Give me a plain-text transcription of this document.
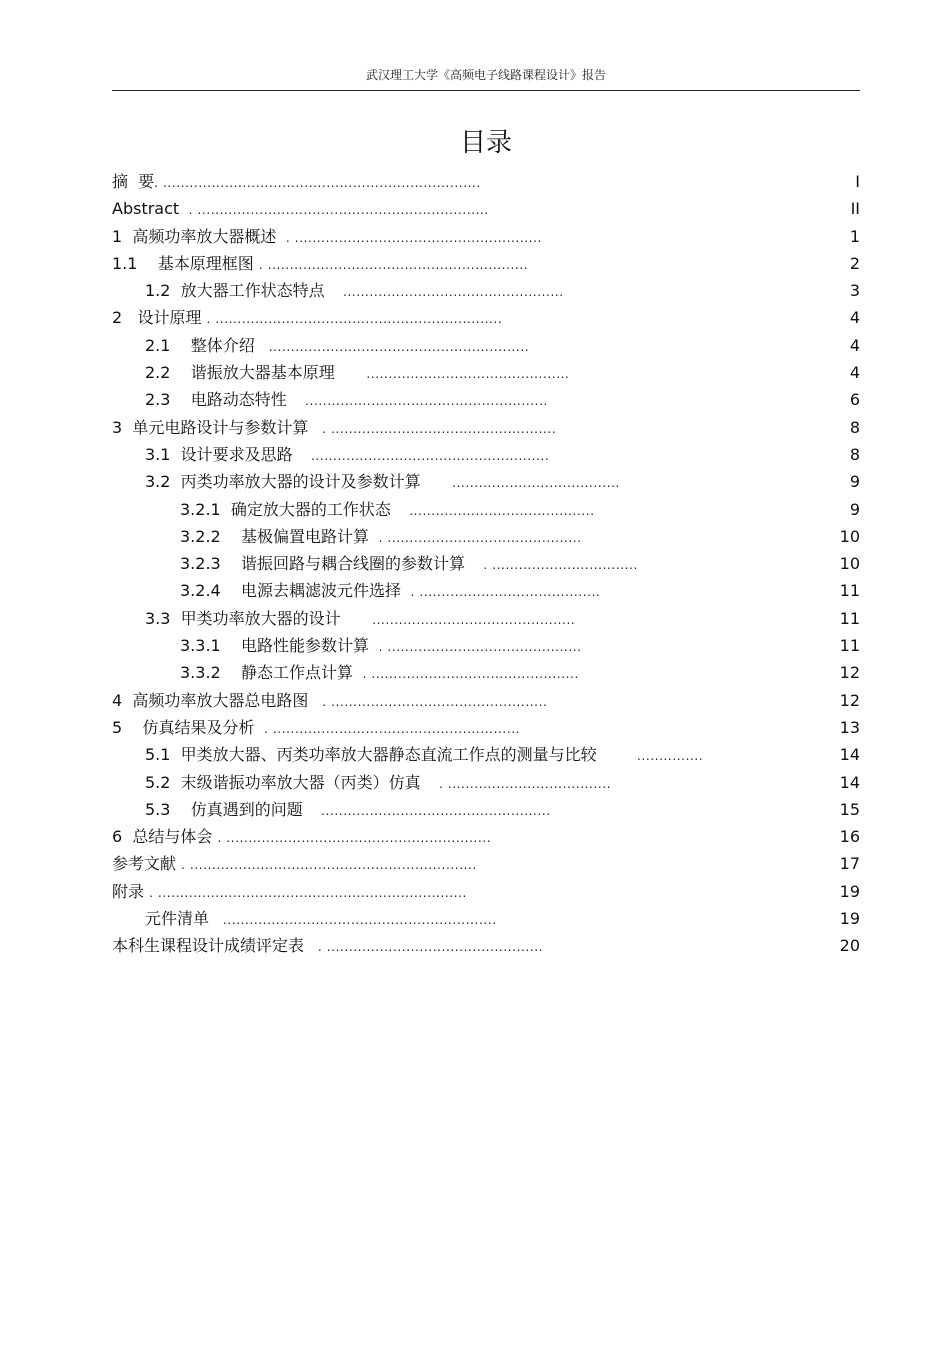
武汉理工大学《高频电子线路课程设计》报告
目录
摘  要. ........................................................................	I
Abstract  . ..................................................................	II
1  高频功率放大器概述  . ........................................................	1
1.1    基本原理框图 . ...........................................................	2
1.2  放大器工作状态特点    ..................................................	3
2   设计原理 . .................................................................	4
2.1    整体介绍   ...........................................................	4
2.2    谐振放大器基本原理       ..............................................	4
2.3    电路动态特性    .......................................................	6
3  单元电路设计与参数计算   . ...................................................	8
3.1  设计要求及思路    ......................................................	8
3.2  丙类功率放大器的设计及参数计算       ......................................	9
3.2.1  确定放大器的工作状态    ..........................................	9
3.2.2    基极偏置电路计算  . ............................................	10
3.2.3    谐振回路与耦合线圈的参数计算    . .................................	10
3.2.4    电源去耦滤波元件选择  . .........................................	11
3.3  甲类功率放大器的设计       ..............................................	11
3.3.1    电路性能参数计算  . ............................................	11
3.3.2    静态工作点计算  . ...............................................	12
4  高频功率放大器总电路图   . .................................................	12
5    仿真结果及分析  . ........................................................	13
5.1  甲类放大器、丙类功率放大器静态直流工作点的测量与比较         ...............	14
5.2  末级谐振功率放大器（丙类）仿真    . .....................................	14
5.3    仿真遇到的问题    ....................................................	15
6  总结与体会 . ............................................................	16
参考文献 . .................................................................	17
附录 . ......................................................................	19
元件清单   ..............................................................	19
本科生课程设计成绩评定表   . .................................................	20
